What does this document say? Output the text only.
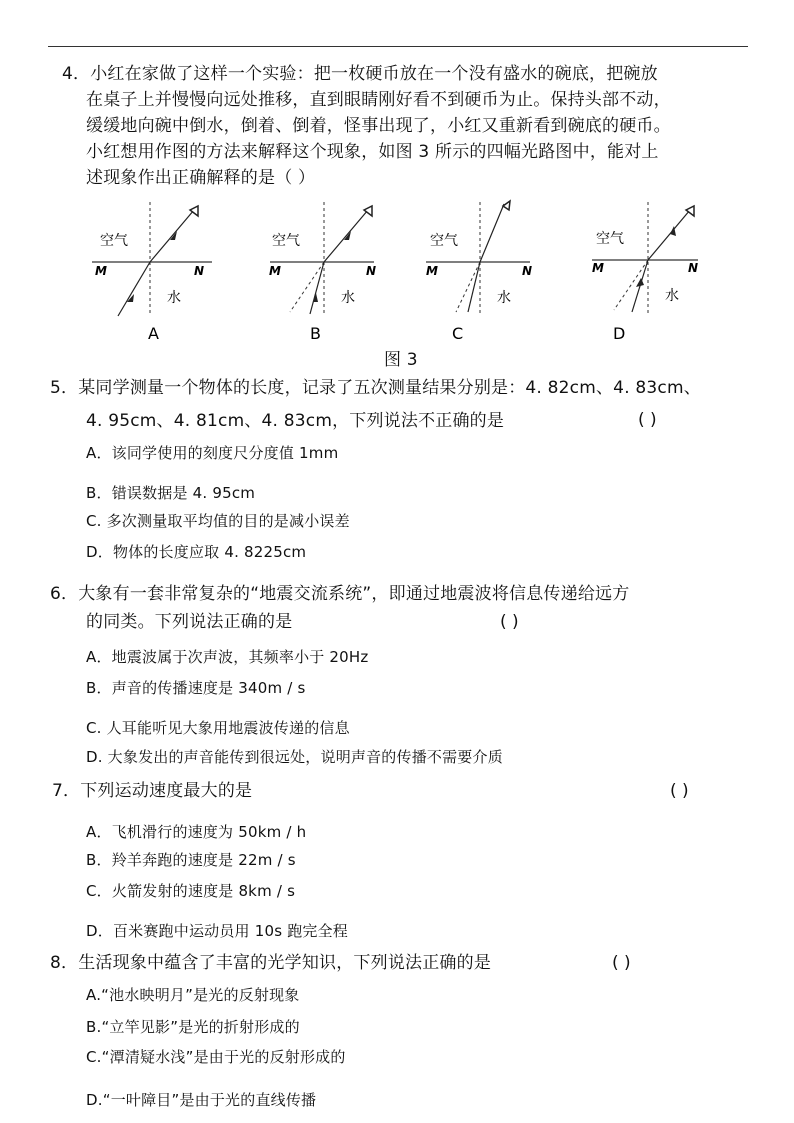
4．小红在家做了这样一个实验：把一枚硬币放在一个没有盛水的碗底，把碗放
在桌子上并慢慢向远处推移，直到眼睛刚好看不到硬币为止。保持头部不动，
缓缓地向碗中倒水，倒着、倒着，怪事出现了，小红又重新看到碗底的硬币。
小红想用作图的方法来解释这个现象，如图 3 所示的四幅光路图中，能对上
述现象作出正确解释的是（ ）
空气
M	N
水
A
空气
M	N
水
B
空气
M	N
水
C
空气
M	N
水
D
图 3
5．某同学测量一个物体的长度，记录了五次测量结果分别是：4. 82cm、4. 83cm、
4. 95cm、4. 81cm、4. 83cm，下列说法不正确的是	( )
A．该同学使用的刻度尺分度值 1mm
B．错误数据是 4. 95cm
C. 多次测量取平均值的目的是减小误差
D．物体的长度应取 4. 8225cm
6．大象有一套非常复杂的“地震交流系统”，即通过地震波将信息传递给远方
的同类。下列说法正确的是	( )
A．地震波属于次声波，其频率小于 20Hz
B．声音的传播速度是 340m / s
C. 人耳能听见大象用地震波传递的信息
D. 大象发出的声音能传到很远处，说明声音的传播不需要介质
7．下列运动速度最大的是	( )
A．飞机滑行的速度为 50km / h
B．羚羊奔跑的速度是 22m / s
C．火箭发射的速度是 8km / s
D．百米赛跑中运动员用 10s 跑完全程
8．生活现象中蕴含了丰富的光学知识，下列说法正确的是	( )
A.“池水映明月”是光的反射现象
B.“立竿见影”是光的折射形成的
C.“潭清疑水浅”是由于光的反射形成的
D.“一叶障目”是由于光的直线传播
